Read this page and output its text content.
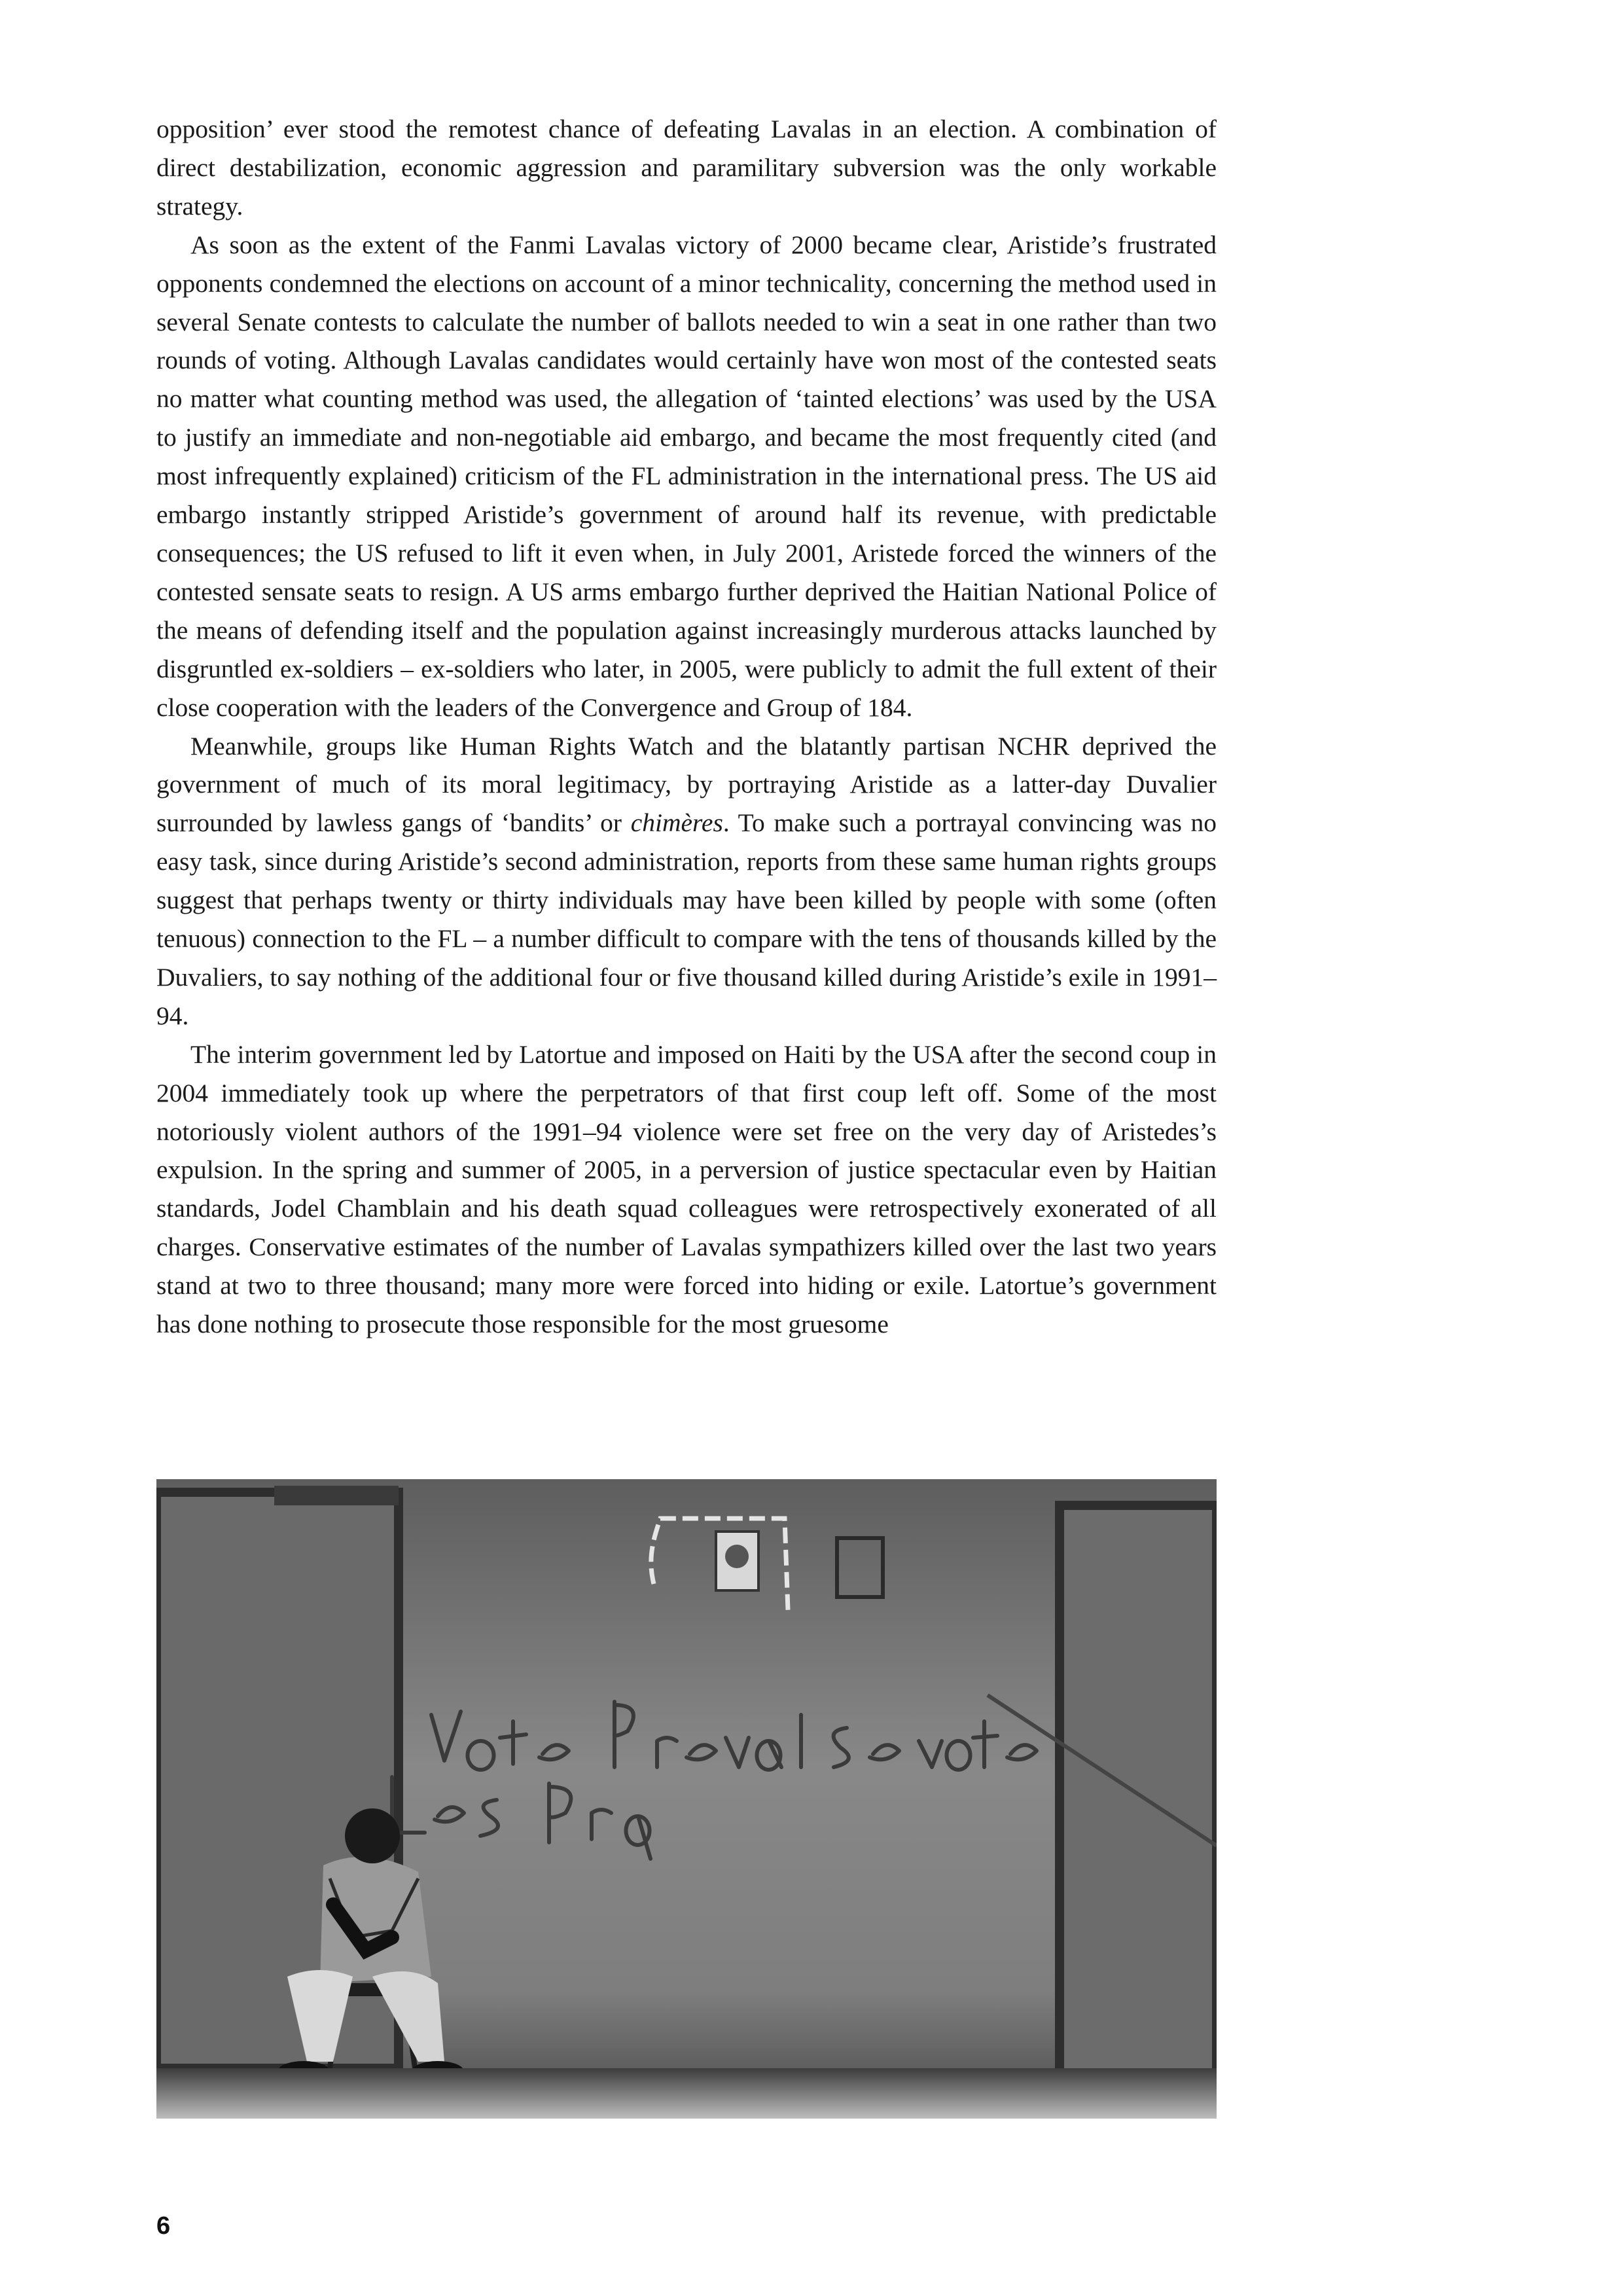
opposition’ ever stood the remotest chance of defeating Lavalas in an election. A combination of direct destabilization, economic aggression and paramilitary subversion was the only workable strategy.

As soon as the extent of the Fanmi Lavalas victory of 2000 became clear, Aristide’s frustrated opponents condemned the elections on account of a minor technicality, concerning the method used in several Senate contests to calculate the number of ballots needed to win a seat in one rather than two rounds of voting. Although Lavalas candidates would certainly have won most of the contested seats no matter what counting method was used, the allegation of ‘tainted elections’ was used by the USA to justify an immediate and non-negotiable aid embargo, and became the most frequently cited (and most infrequently explained) criticism of the FL administration in the international press. The US aid embargo instantly stripped Aristide’s government of around half its revenue, with predictable consequences; the US refused to lift it even when, in July 2001, Aristede forced the winners of the contested sensate seats to resign. A US arms embargo further deprived the Haitian National Police of the means of defending itself and the population against increasingly murderous attacks launched by disgruntled ex-soldiers – ex-soldiers who later, in 2005, were publicly to admit the full extent of their close cooperation with the leaders of the Convergence and Group of 184.

Meanwhile, groups like Human Rights Watch and the blatantly partisan NCHR deprived the government of much of its moral legitimacy, by portraying Aristide as a latter-day Duvalier surrounded by lawless gangs of ‘bandits’ or chimères. To make such a portrayal convincing was no easy task, since during Aristide’s second administration, reports from these same human rights groups suggest that perhaps twenty or thirty individuals may have been killed by people with some (often tenuous) connection to the FL – a number difficult to compare with the tens of thousands killed by the Duvaliers, to say nothing of the additional four or five thousand killed during Aristide’s exile in 1991–94.

The interim government led by Latortue and imposed on Haiti by the USA after the second coup in 2004 immediately took up where the perpetrators of that first coup left off. Some of the most notoriously violent authors of the 1991–94 violence were set free on the very day of Aristedes’s expulsion. In the spring and summer of 2005, in a perversion of justice spectacular even by Haitian standards, Jodel Chamblain and his death squad colleagues were retrospectively exonerated of all charges. Conservative estimates of the number of Lavalas sympathizers killed over the last two years stand at two to three thousand; many more were forced into hiding or exile. Latortue’s government has done nothing to prosecute those responsible for the most gruesome

6
